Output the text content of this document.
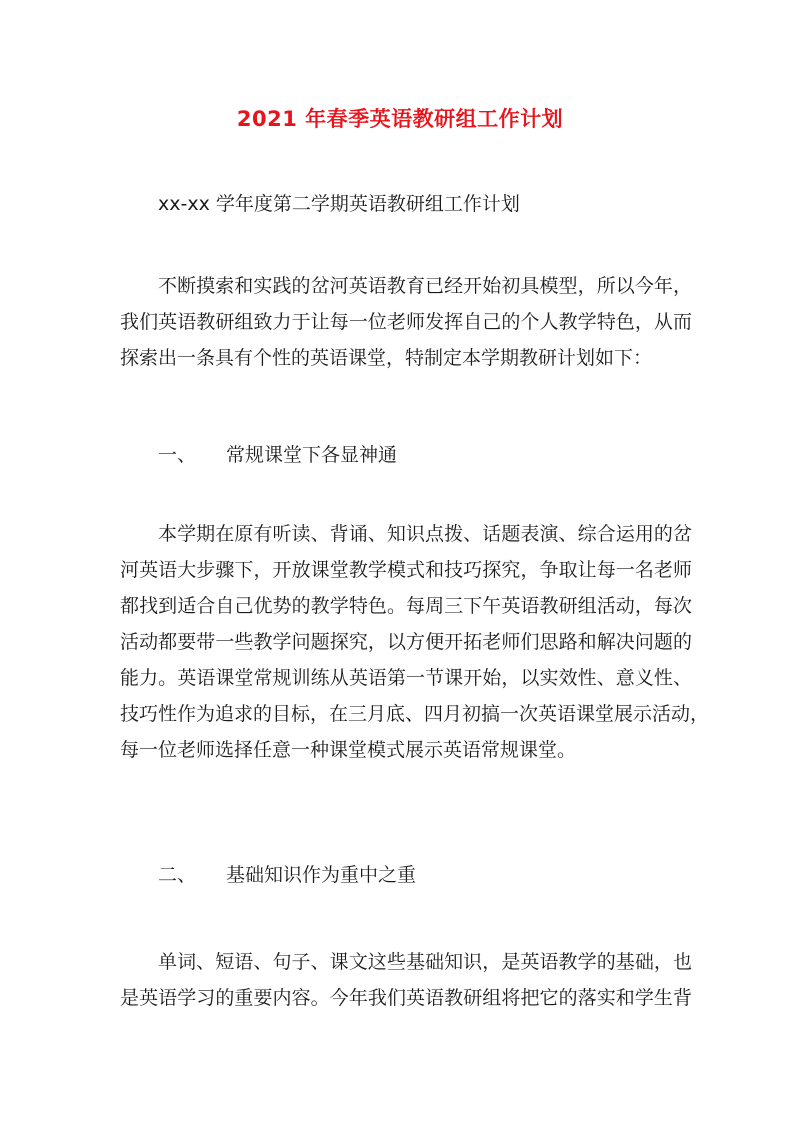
2021 年春季英语教研组工作计划
xx-xx 学年度第二学期英语教研组工作计划
不断摸索和实践的岔河英语教育已经开始初具模型，所以今年，
我们英语教研组致力于让每一位老师发挥自己的个人教学特色，从而
探索出一条具有个性的英语课堂，特制定本学期教研计划如下：
一、 常规课堂下各显神通
本学期在原有听读、背诵、知识点拨、话题表演、综合运用的岔
河英语大步骤下，开放课堂教学模式和技巧探究，争取让每一名老师
都找到适合自己优势的教学特色。每周三下午英语教研组活动，每次
活动都要带一些教学问题探究，以方便开拓老师们思路和解决问题的
能力。英语课堂常规训练从英语第一节课开始，以实效性、意义性、
技巧性作为追求的目标，在三月底、四月初搞一次英语课堂展示活动，
每一位老师选择任意一种课堂模式展示英语常规课堂。
二、 基础知识作为重中之重
单词、短语、句子、课文这些基础知识，是英语教学的基础，也
是英语学习的重要内容。今年我们英语教研组将把它的落实和学生背
